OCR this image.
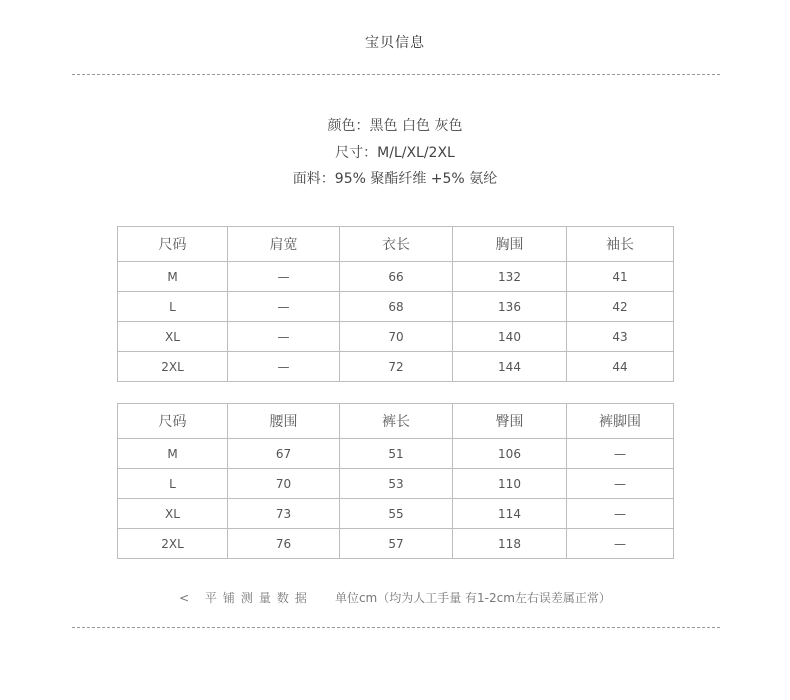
宝贝信息
颜色：黑色 白色 灰色
尺寸：M/L/XL/2XL
面料：95% 聚酯纤维 +5% 氨纶
尺码	肩宽	衣长	胸围	袖长
M	—	66	132	41
L	—	68	136	42
XL	—	70	140	43
2XL	—	72	144	44
尺码	腰围	裤长	臀围	裤脚围
M	67	51	106	—
L	70	53	110	—
XL	73	55	114	—
2XL	76	57	118	—
< 平铺测量数据 单位cm（均为人工手量 有1-2cm左右误差属正常）
